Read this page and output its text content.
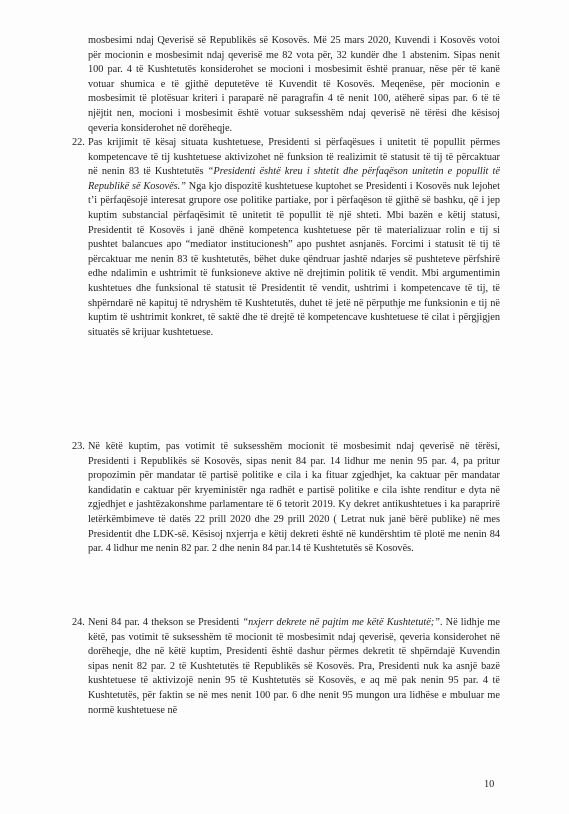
mosbesimi ndaj Qeverisë së Republikës së Kosovës. Më 25 mars 2020, Kuvendi i Kosovës votoi për mocionin e mosbesimit ndaj qeverisë me 82 vota për, 32 kundër dhe 1 abstenim. Sipas nenit 100 par. 4 të Kushtetutës konsiderohet se mocioni i mosbesimit është pranuar, nëse për të kanë votuar shumica e të gjithë deputetëve të Kuvendit të Kosovës. Meqenëse, për mocionin e mosbesimit të plotësuar kriteri i paraparë në paragrafin 4 të nenit 100, atëherë sipas par. 6 të të njëjtit nen, mocioni i mosbesimit është votuar suksesshëm ndaj qeverisë në tërësi dhe kësisoj qeveria konsiderohet në dorëheqje.

22. Pas krijimit të kësaj situata kushtetuese, Presidenti si përfaqësues i unitetit të popullit përmes kompetencave të tij kushtetuese aktivizohet në funksion të realizimit të statusit të tij të përcaktuar në nenin 83 të Kushtetutës “Presidenti është kreu i shtetit dhe përfaqëson unitetin e popullit të Republikë së Kosovës.” Nga kjo dispozitë kushtetuese kuptohet se Presidenti i Kosovës nuk lejohet t’i përfaqësojë interesat grupore ose politike partiake, por i përfaqëson të gjithë së bashku, që i jep kuptim substancial përfaqësimit të unitetit të popullit të një shteti. Mbi bazën e këtij statusi, Presidentit të Kosovës i janë dhënë kompetenca kushtetuese për të materializuar rolin e tij si pushtet balancues apo “mediator institucionesh” apo pushtet asnjanës. Forcimi i statusit të tij të përcaktuar me nenin 83 të kushtetutës, bëhet duke qëndruar jashtë ndarjes së pushteteve përfshirë edhe ndalimin e ushtrimit të funksioneve aktive në drejtimin politik të vendit. Mbi argumentimin kushtetues dhe funksional të statusit të Presidentit të vendit, ushtrimi i kompetencave të tij, të shpërndarë në kapituj të ndryshëm të Kushtetutës, duhet të jetë në përputhje me funksionin e tij në kuptim të ushtrimit konkret, të saktë dhe të drejtë të kompetencave kushtetuese të cilat i përgjigjen situatës së krijuar kushtetuese.
23. Në këtë kuptim, pas votimit të suksesshëm mocionit të mosbesimit ndaj qeverisë në tërësi, Presidenti i Republikës së Kosovës, sipas nenit 84 par. 14 lidhur me nenin 95 par. 4, pa pritur propozimin për mandatar të partisë politike e cila i ka fituar zgjedhjet, ka caktuar për mandatar kandidatin e caktuar për kryeministër nga radhët e partisë politike e cila ishte renditur e dyta në zgjedhjet e jashtëzakonshme parlamentare të 6 tetorit 2019. Ky dekret antikushtetues i ka paraprirë letërkëmbimeve të datës 22 prill 2020 dhe 29 prill 2020 ( Letrat nuk janë bërë publike) në mes Presidentit dhe LDK-së. Kësisoj nxjerrja e këtij dekreti është në kundërshtim të plotë me nenin 84 par. 4 lidhur me nenin 82 par. 2 dhe nenin 84 par.14 të Kushtetutës së Kosovës.
24. Neni 84 par. 4 thekson se Presidenti “nxjerr dekrete në pajtim me këtë Kushtetutë;”. Në lidhje me këtë, pas votimit të suksesshëm të mocionit të mosbesimit ndaj qeverisë, qeveria konsiderohet në dorëheqje, dhe në këtë kuptim, Presidenti është dashur përmes dekretit të shpërndajë Kuvendin sipas nenit 82 par. 2 të Kushtetutës të Republikës së Kosovës. Pra, Presidenti nuk ka asnjë bazë kushtetuese të aktivizojë nenin 95 të Kushtetutës së Kosovës, e aq më pak nenin 95 par. 4 të Kushtetutës, për faktin se në mes nenit 100 par. 6 dhe nenit 95 mungon ura lidhëse e mbuluar me normë kushtetuese në
10
